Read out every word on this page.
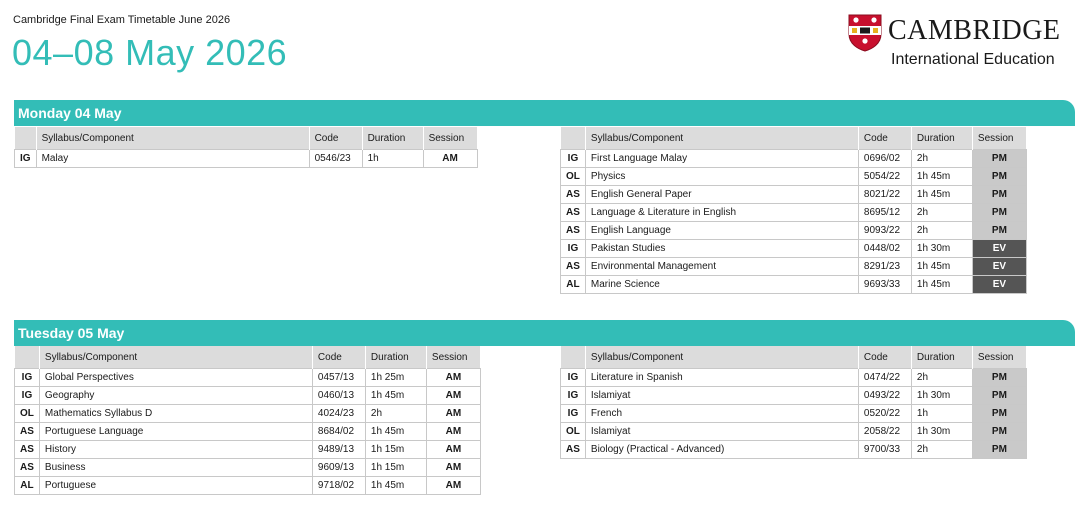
Cambridge Final Exam Timetable June 2026
04–08 May 2026
CAMBRIDGE
International Education
Monday 04 May
	Syllabus/Component	Code	Duration	Session
IG	Malay	0546/23	1h	AM
	Syllabus/Component	Code	Duration	Session
IG	First Language Malay	0696/02	2h	PM
OL	Physics	5054/22	1h 45m	PM
AS	English General Paper	8021/22	1h 45m	PM
AS	Language & Literature in English	8695/12	2h	PM
AS	English Language	9093/22	2h	PM
IG	Pakistan Studies	0448/02	1h 30m	EV
AS	Environmental Management	8291/23	1h 45m	EV
AL	Marine Science	9693/33	1h 45m	EV
Tuesday 05 May
	Syllabus/Component	Code	Duration	Session
IG	Global Perspectives	0457/13	1h 25m	AM
IG	Geography	0460/13	1h 45m	AM
OL	Mathematics Syllabus D	4024/23	2h	AM
AS	Portuguese Language	8684/02	1h 45m	AM
AS	History	9489/13	1h 15m	AM
AS	Business	9609/13	1h 15m	AM
AL	Portuguese	9718/02	1h 45m	AM
	Syllabus/Component	Code	Duration	Session
IG	Literature in Spanish	0474/22	2h	PM
IG	Islamiyat	0493/22	1h 30m	PM
IG	French	0520/22	1h	PM
OL	Islamiyat	2058/22	1h 30m	PM
AS	Biology (Practical - Advanced)	9700/33	2h	PM
